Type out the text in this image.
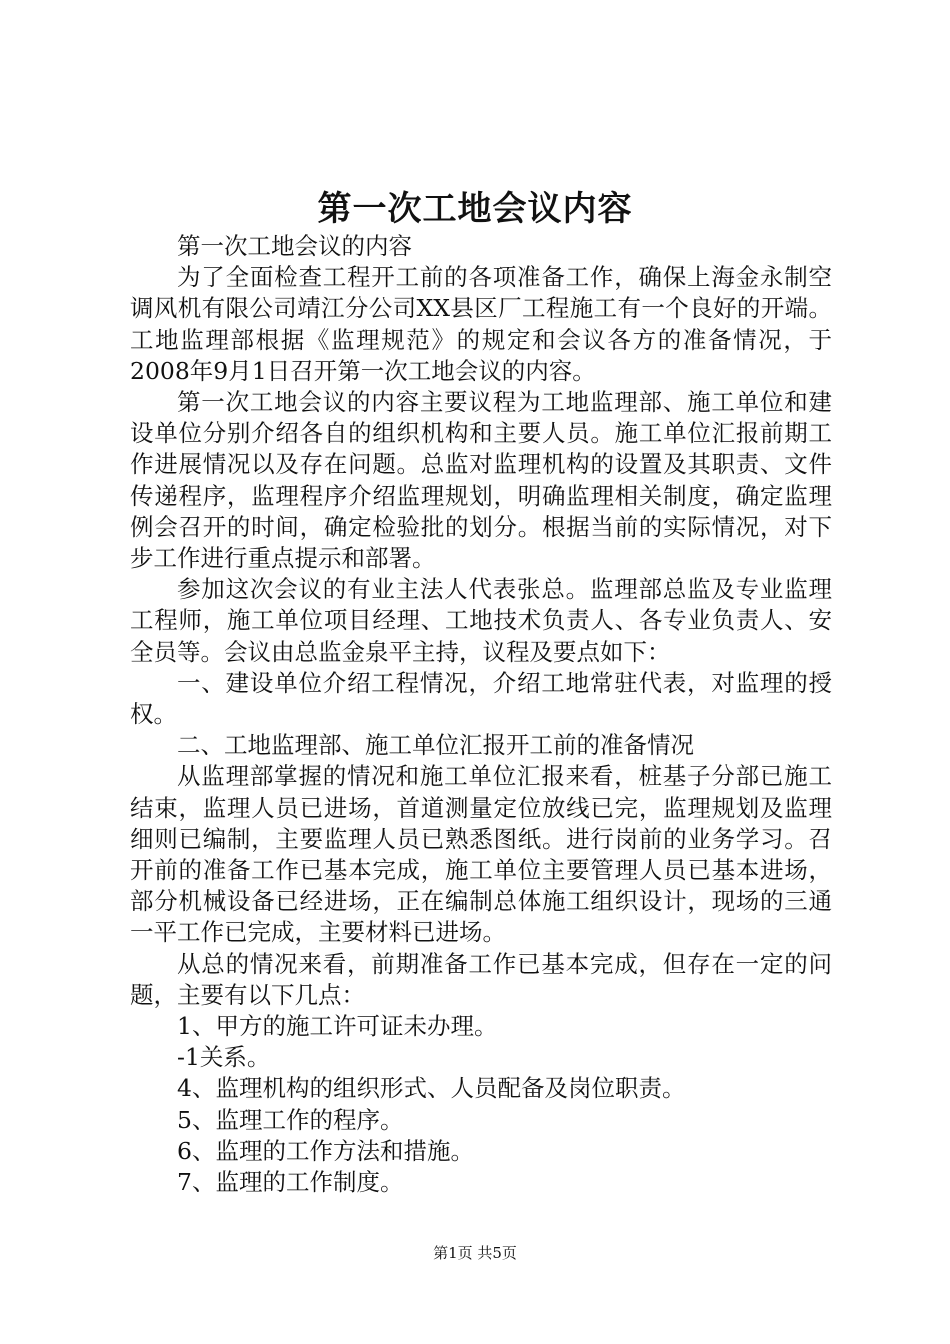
第一次工地会议内容

第一次工地会议的内容

为了全面检查工程开工前的各项准备工作，确保上海金永制空调风机有限公司靖江分公司XX县区厂工程施工有一个良好的开端。工地监理部根据《监理规范》的规定和会议各方的准备情况，于2008年9月1日召开第一次工地会议的内容。

第一次工地会议的内容主要议程为工地监理部、施工单位和建设单位分别介绍各自的组织机构和主要人员。施工单位汇报前期工作进展情况以及存在问题。总监对监理机构的设置及其职责、文件传递程序，监理程序介绍监理规划，明确监理相关制度，确定监理例会召开的时间，确定检验批的划分。根据当前的实际情况，对下步工作进行重点提示和部署。

参加这次会议的有业主法人代表张总。监理部总监及专业监理工程师，施工单位项目经理、工地技术负责人、各专业负责人、安全员等。会议由总监金泉平主持，议程及要点如下：

一、建设单位介绍工程情况，介绍工地常驻代表，对监理的授权。

二、工地监理部、施工单位汇报开工前的准备情况

从监理部掌握的情况和施工单位汇报来看，桩基子分部已施工结束，监理人员已进场，首道测量定位放线已完，监理规划及监理细则已编制，主要监理人员已熟悉图纸。进行岗前的业务学习。召开前的准备工作已基本完成，施工单位主要管理人员已基本进场，部分机械设备已经进场，正在编制总体施工组织设计，现场的三通一平工作已完成，主要材料已进场。

从总的情况来看，前期准备工作已基本完成，但存在一定的问题，主要有以下几点：

1、甲方的施工许可证未办理。

-1关系。

4、监理机构的组织形式、人员配备及岗位职责。

5、监理工作的程序。

6、监理的工作方法和措施。

7、监理的工作制度。

第1页 共5页
